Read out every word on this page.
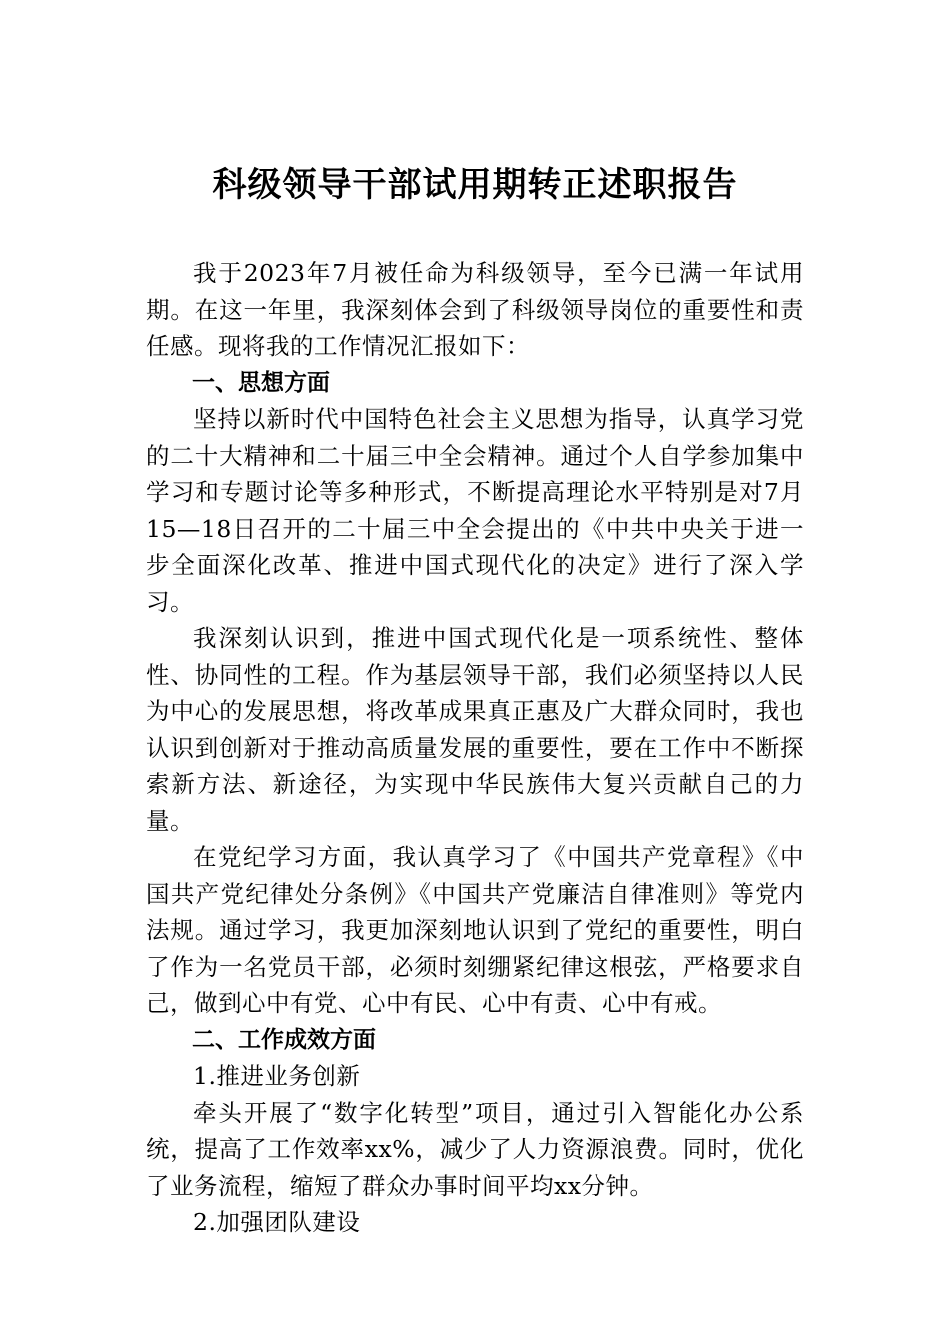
科级领导干部试用期转正述职报告

我于2023年7月被任命为科级领导，至今已满一年试用期。在这一年里，我深刻体会到了科级领导岗位的重要性和责任感。现将我的工作情况汇报如下：

一、思想方面

坚持以新时代中国特色社会主义思想为指导，认真学习党的二十大精神和二十届三中全会精神。通过个人自学参加集中学习和专题讨论等多种形式，不断提高理论水平特别是对7月15—18日召开的二十届三中全会提出的《中共中央关于进一步全面深化改革、推进中国式现代化的决定》进行了深入学习。

我深刻认识到，推进中国式现代化是一项系统性、整体性、协同性的工程。作为基层领导干部，我们必须坚持以人民为中心的发展思想，将改革成果真正惠及广大群众同时，我也认识到创新对于推动高质量发展的重要性，要在工作中不断探索新方法、新途径，为实现中华民族伟大复兴贡献自己的力量。

在党纪学习方面，我认真学习了《中国共产党章程》《中国共产党纪律处分条例》《中国共产党廉洁自律准则》等党内法规。通过学习，我更加深刻地认识到了党纪的重要性，明白了作为一名党员干部，必须时刻绷紧纪律这根弦，严格要求自己，做到心中有党、心中有民、心中有责、心中有戒。

二、工作成效方面

1.推进业务创新

牵头开展了“数字化转型”项目，通过引入智能化办公系统，提高了工作效率xx%，减少了人力资源浪费。同时，优化了业务流程，缩短了群众办事时间平均xx分钟。

2.加强团队建设
